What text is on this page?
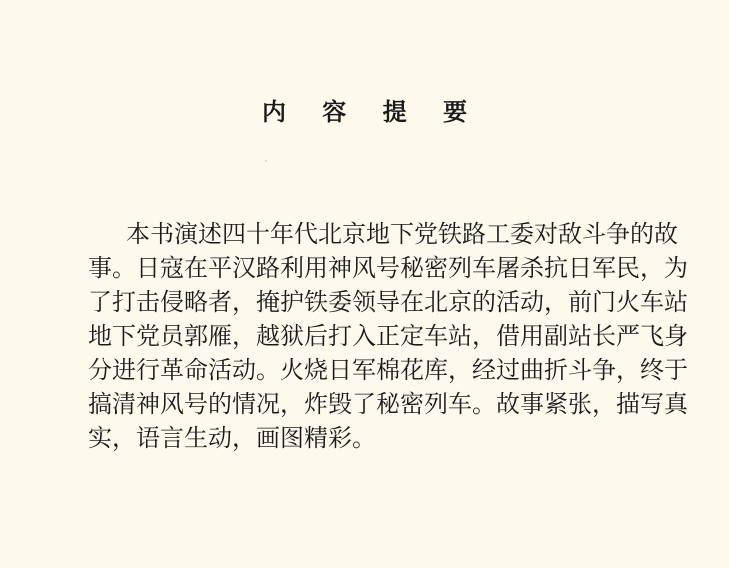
内 容 提 要
本书演述四十年代北京地下党铁路工委对敌斗争的故
事。日寇在平汉路利用神风号秘密列车屠杀抗日军民，为
了打击侵略者，掩护铁委领导在北京的活动，前门火车站
地下党员郭雁，越狱后打入正定车站，借用副站长严飞身
分进行革命活动。火烧日军棉花库，经过曲折斗争，终于
搞清神风号的情况，炸毁了秘密列车。故事紧张，描写真
实，语言生动，画图精彩。
